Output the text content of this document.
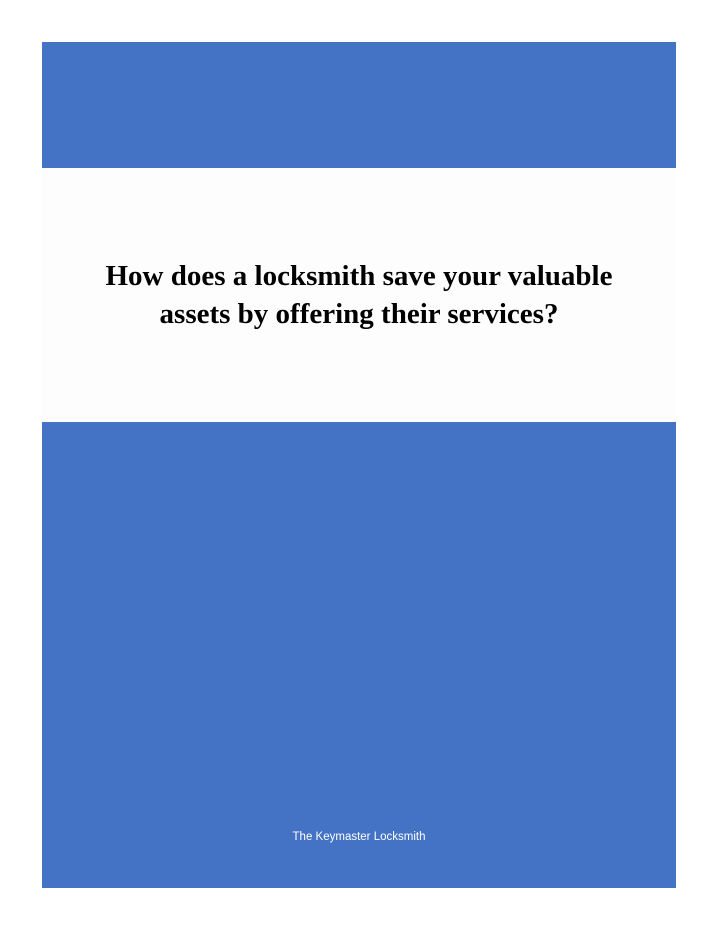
How does a locksmith save your valuable
assets by offering their services?
The Keymaster Locksmith
